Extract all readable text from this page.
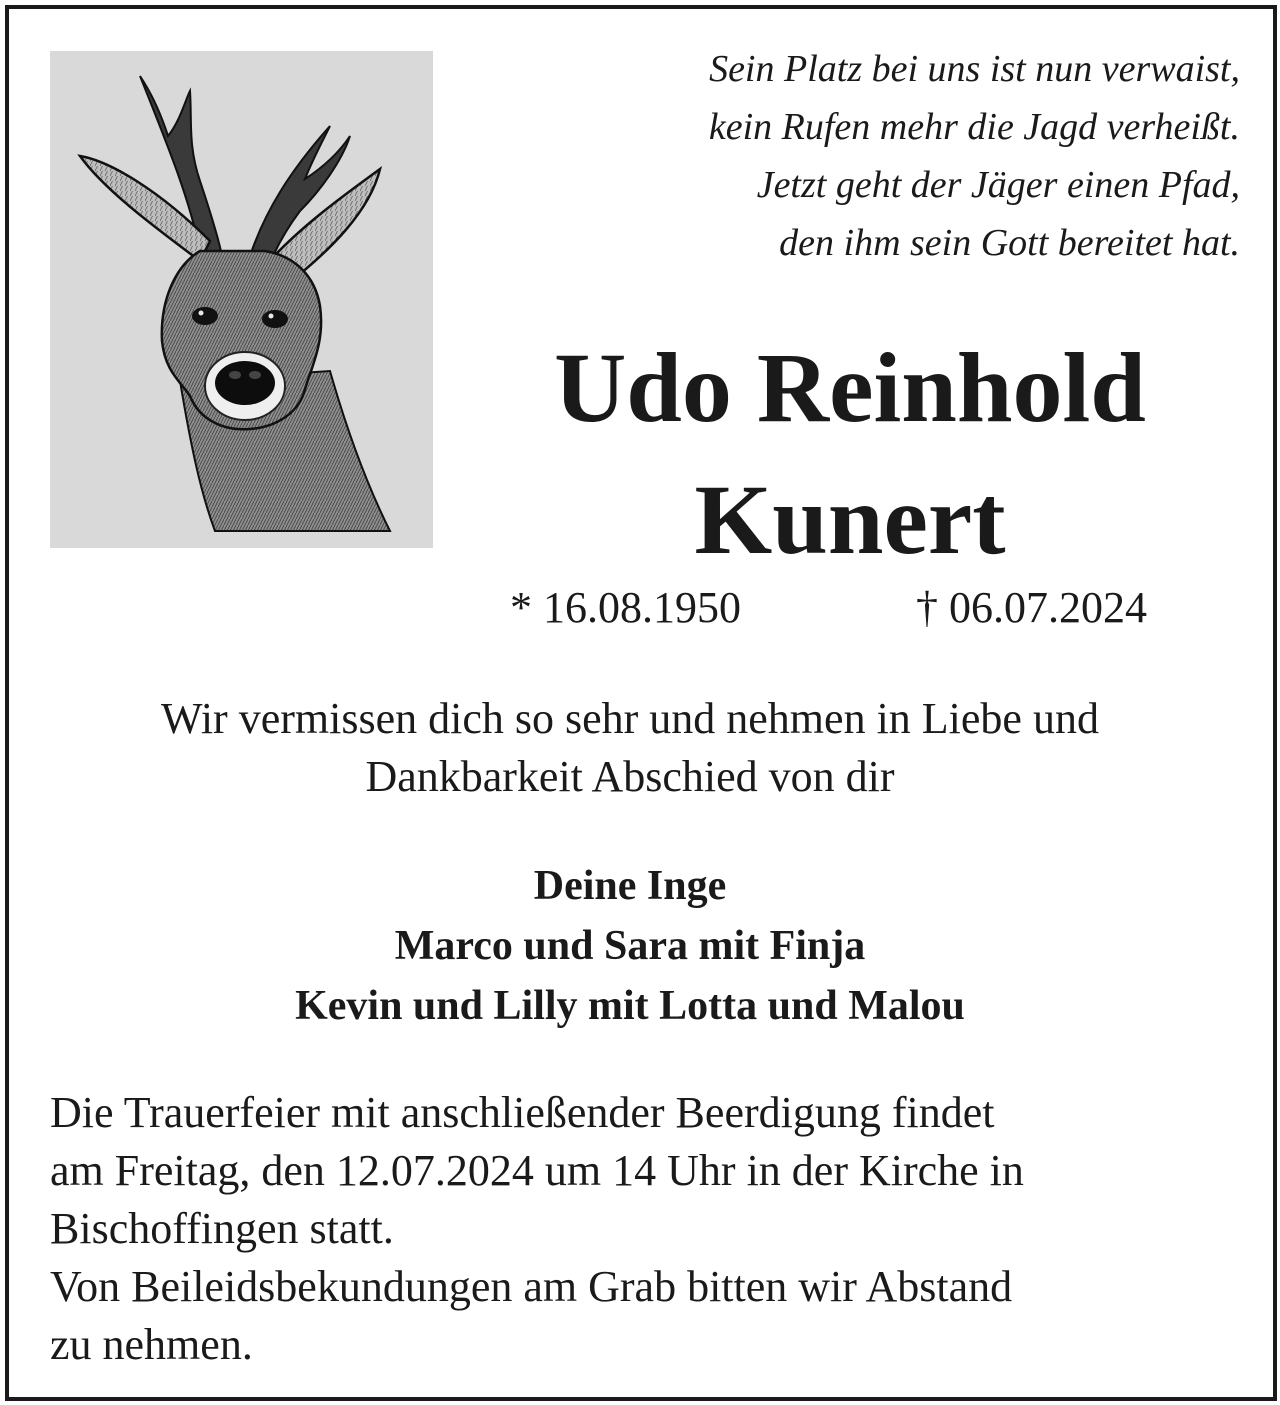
Sein Platz bei uns ist nun verwaist,
kein Rufen mehr die Jagd verheißt.
Jetzt geht der Jäger einen Pfad,
den ihm sein Gott bereitet hat.
Udo Reinhold
Kunert
* 16.08.1950	† 06.07.2024
Wir vermissen dich so sehr und nehmen in Liebe und
Dankbarkeit Abschied von dir
Deine Inge
Marco und Sara mit Finja
Kevin und Lilly mit Lotta und Malou
Die Trauerfeier mit anschließender Beerdigung findet
am Freitag, den 12.07.2024 um 14 Uhr in der Kirche in
Bischoffingen statt.
Von Beileidsbekundungen am Grab bitten wir Abstand
zu nehmen.
